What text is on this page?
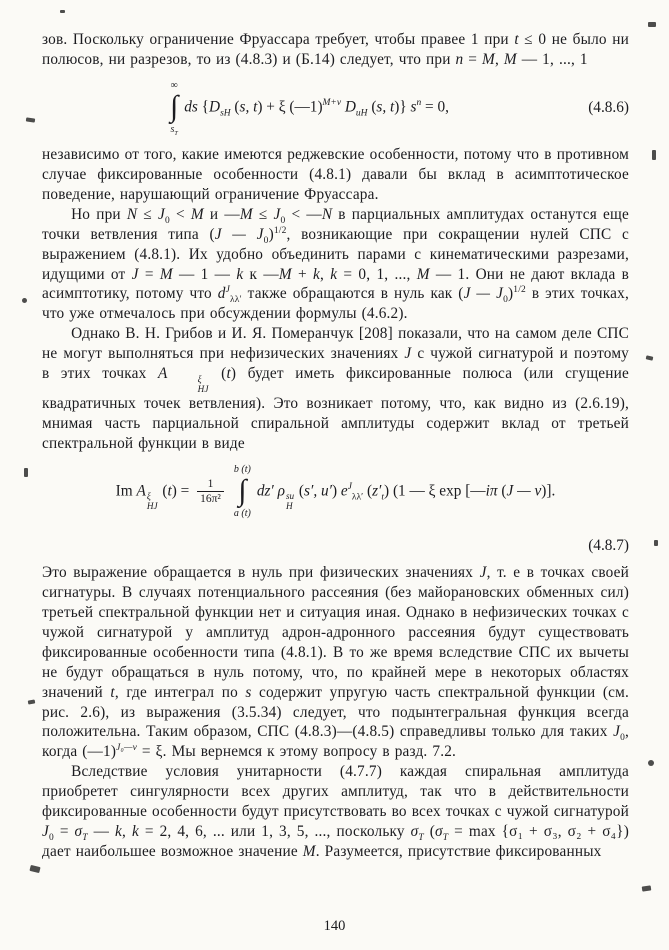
зов. Поскольку ограничение Фруассара требует, чтобы правее 1 при t ≤ 0 не было ни полюсов, ни разрезов, то из (4.8.3) и (Б.14) следует, что при n = M, M — 1, ..., 1

∞
∫
$s_T$
ds {$D_{sH}$ (s, t) + ξ (—1)$^{M+v}$ $D_{uH}$ (s, t)} $s^n = 0$,	(4.8.6)

независимо от того, какие имеются реджевские особенности, потому что в противном случае фиксированные особенности (4.8.1) давали бы вклад в асимптотическое поведение, нарушающий ограничение Фруассара.

Но при $N \le J_0 < M$ и —M ≤ $J_0$ < —N в парциальных амплитудах останутся еще точки ветвления типа (J — $J_0)^{1/2}$, возникающие при сокращении нулей СПС с выражением (4.8.1). Их удобно объединить парами с кинематическими разрезами, идущими от J = M — 1 — k к —M + k, k = 0, 1, ..., M — 1. Они не дают вклада в асимптотику, потому что $d^J_{\lambda\lambda'}$ также обращаются в нуль как (J — $J_0)^{1/2}$ в этих точках, что уже отмечалось при обсуждении формулы (4.6.2).

Однако В. Н. Грибов и И. Я. Померанчук [208] показали, что на самом деле СПС не могут выполняться при нефизических значениях J с чужой сигнатурой и поэтому в этих точках A	ξ
HJ
(t) будет иметь фиксированные полюса (или сгущение квадратичных точек ветвления). Это возникает потому, что, как видно из (2.6.19), мнимая часть парциальной спиральной амплитуды содержит вклад от третьей спектральной функции в виде

Im A ξ
HJ
$(t) = \frac{1}{\text{16π²}}$
b (t)
∫
a (t)
dz′ ρ su
H
(s′, u′) $e^J_{\lambda\lambda'}$ $(z'_t)$ (1 — ξ exp [—iπ (J — v)].
(4.8.7)

Это выражение обращается в нуль при физических значениях J, т. е в точках своей сигнатуры. В случаях потенциального рассеяния (без майорановских обменных сил) третьей спектральной функции нет и ситуация иная. Однако в нефизических точках с чужой сигнатурой у амплитуд адрон-адронного рассеяния будут существовать фиксированные особенности типа (4.8.1). В то же время вследствие СПС их вычеты не будут обращаться в нуль потому, что, по крайней мере в некоторых областях значений t, где интеграл по s содержит упругую часть спектральной функции (см. рис. 2.6), из выражения (3.5.34) следует, что подынтегральная функция всегда положительна. Таким образом, СПС (4.8.3)—(4.8.5) справедливы только для таких $J_0$, когда (—1)$^{J_0—v}$ = ξ. Мы вернемся к этому вопросу в разд. 7.2.

Вследствие условия унитарности (4.7.7) каждая спиральная амплитуда приобретет сингулярности всех других амплитуд, так что в действительности фиксированные особенности будут присутствовать во всех точках с чужой сигнатурой $J_0 = \sigma_T$ — k, k = 2, 4, 6, ... или 1, 3, 5, ..., поскольку $\sigma_T$ ($\sigma_T = \max \{\sigma_1 + \sigma_3$, σ₂ + σ₄}) дает наибольшее возможное значение M. Разумеется, присутствие фиксированных

140
